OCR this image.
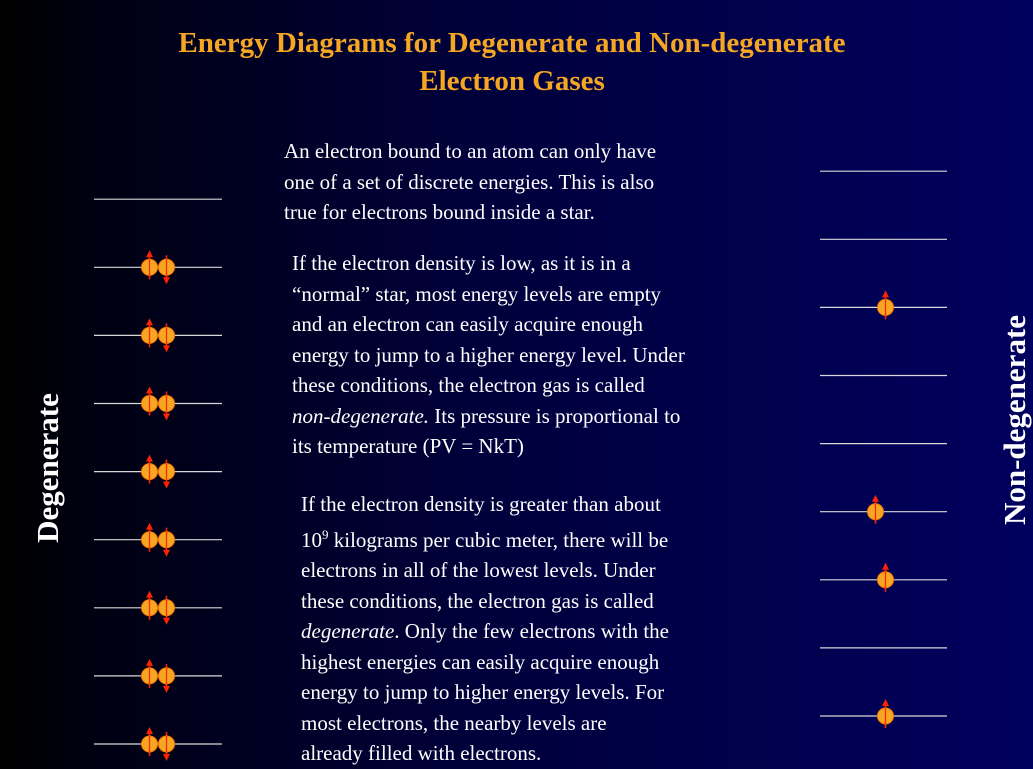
Energy Diagrams for Degenerate and Non-degenerate
Electron Gases
An electron bound to an atom can only have
one of a set of discrete energies. This is also
true for electrons bound inside a star.
If the electron density is low, as it is in a
“normal” star, most energy levels are empty
and an electron can easily acquire enough
energy to jump to a higher energy level. Under
these conditions, the electron gas is called
non-degenerate. Its pressure is proportional to
its temperature (PV = NkT)
If the electron density is greater than about
$10^9$ kilograms per cubic meter, there will be
electrons in all of the lowest levels. Under
these conditions, the electron gas is called
degenerate. Only the few electrons with the
highest energies can easily acquire enough
energy to jump to higher energy levels. For
most electrons, the nearby levels are
already filled with electrons.
Degenerate	Non-degenerate
